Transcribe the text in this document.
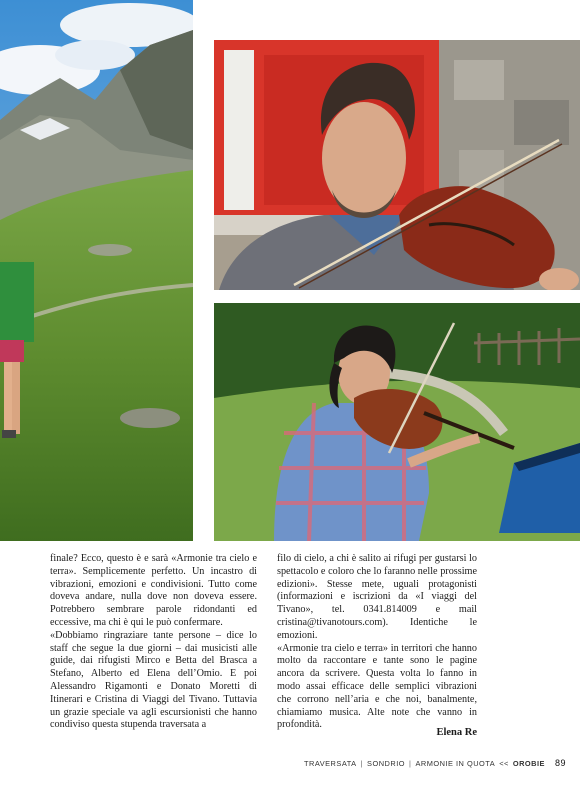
finale? Ecco, questo è e sarà «Armonie tra cielo e terra». Semplicemente perfetto. Un incastro di vibrazioni, emozioni e condivisioni. Tutto come doveva andare, nulla dove non doveva essere. Potrebbero sembrare parole ridondanti ed eccessive, ma chi è qui le può confermare.

«Dobbiamo ringraziare tante persone – dice lo staff che segue la due giorni – dai musicisti alle guide, dai rifugisti Mirco e Betta del Brasca a Stefano, Alberto ed Elena dell’Omio. E poi Alessandro Rigamonti e Donato Moretti di Itinerari e Cristina di Viaggi del Tivano. Tuttavia un grazie speciale va agli escursionisti che hanno condiviso questa stupenda traversata a

filo di cielo, a chi è salito ai rifugi per gustarsi lo spettacolo e coloro che lo faranno nelle prossime edizioni». Stesse mete, uguali protagonisti (informazioni e iscrizioni da «I viaggi del Tivano», tel. 0341.814009 e mail cristina@tivanotours.com). Identiche le emozioni.

«Armonie tra cielo e terra» in territori che hanno molto da raccontare e tante sono le pagine ancora da scrivere. Questa volta lo fanno in modo assai efficace delle semplici vibrazioni che corrono nell’aria e che noi, banalmente, chiamiamo musica. Alte note che vanno in profondità.

Elena Re
TRAVERSATA | SONDRIO | ARMONIE IN QUOTA << OROBIE 89
